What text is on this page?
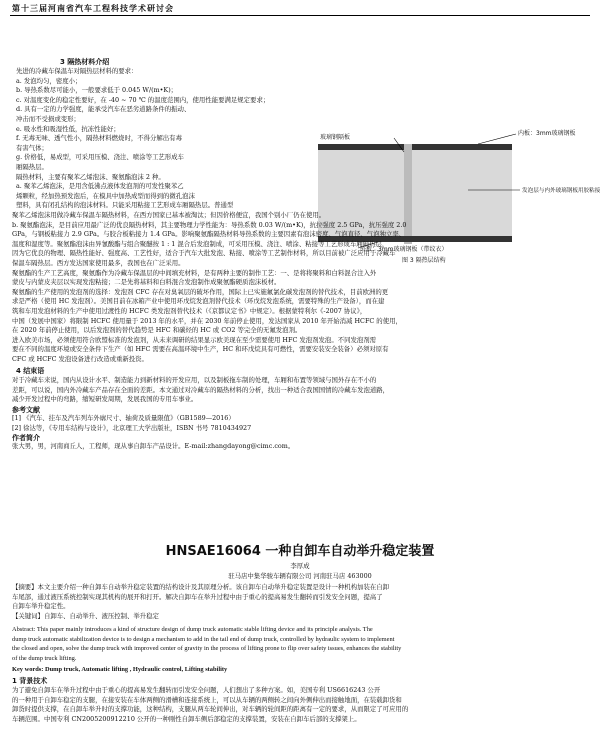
第十三届河南省汽车工程科技学术研讨会
3 隔热材料介绍
先进的冷藏车保温车对隔热层材料的要求：
a. 发泡均匀，密度小；
b. 导热系数尽可能小，一般要求低于 0.045 W/(m•K)；
c. 对温度变化的稳定性要好，在 -40 ~ 70 ℃ 的温度范围内，使用性能要满足规定要求；
d. 具有一定的力学强度，能承受汽车在恶劣道路条件的振动、
冲击而不受损或变形；
e. 吸水性和吸湿性低，抗冻性能好；
f. 无毒无味、透气性小，隔热材料燃烧时，不得分解出有毒
有害气体；
g. 价格低，易成型，可采用压模、浇注、喷涂等工艺形成车
厢隔热层。
隔热材料，主要有聚苯乙烯泡沫、聚氨酯泡沫 2 种。
a. 聚苯乙烯泡沫，是用含低沸点液体发泡剂的可发性聚苯乙
烯颗粒，经加热预发泡后，在模具中加热成型而得到的微孔泡沫
塑料，具有闭孔结构的泡沫材料。只能采用粘接工艺形成车厢隔热层。普通型
内板：3mm玻璃钢板
玻璃钢隔板
发泡层与内外玻璃钢板用胶粘接
外板：3mm玻璃钢板（带纹衣）
图 3 隔热层结构
聚苯乙烯泡沫用做冷藏车保温车隔热材料，在西方国家已基本被淘汰；但因价格便宜，我国个别小厂仍在使用。
b. 聚氨酯泡沫，是目前应用最广泛的优良隔热材料，其主要物理力学性能为：导热系数 0.03 W/(m•K)，抗拉强度 2.5 GPa，抗压强度 2.0
GPa，与钢板粘接力 2.9 GPa。与胶合板粘接力 1.4 GPa。影响聚氨酯隔热材料导热系数的主要因素有泡沫密度、气泡直径、气泡独立率、
温度和湿度等。聚氨酯泡沫由异氰酸酯与组合聚醚按 1 : 1 混合后发泡制成，可采用压模、浇注、喷涂、粘接等工艺形成车厢隔热层，
因为它优良的物理、隔热性能好、强度高、工艺性好，适合于汽车大批发泡、粘接、喷涂等工艺制作材料，所以目前被广泛应用于冷藏车
保温车隔热层。西方发达国家使用最多，我国也在广泛采用。
聚氨酯的生产工艺高度，聚氨酯作为冷藏车保温层的中间填充材料，是有两种主要的制作工艺：一、是将将聚料和白料混合注入外
蒙皮与内蒙皮夹层以实现发泡粘接；二是先将基料和白料混合发泡制作成聚氨酯硬质泡沫板材。
聚氨酯的生产使用的发泡剂的选择：发泡剂 CFC 存在对臭氧层的破坏作用，国际上已实施氟氯化碳发泡剂的替代技术，目前欧洲的更
求是严格（使用 HC 发泡剂）。美国目前在冰箱产业中使用环戊烷发泡剂替代技术（环戊烷发泡系统，需要特殊的生产设备），而在建
筑和车用发泡材料的生产中使用过渡性的 HCFC 类发泡剂替代技术（《京都议定书》中规定）。根据蒙特利尔《-2007 协议》，
中国（发展中国家）将限制 HCFC 使用量于 2013 年的水平，并在 2030 年前停止使用，发达国家从 2010 年开始消减 HCFC 的使用，
在 2020 年前停止使用，以后发泡剂的替代趋势是 HFC 和碳烃的 HC 或 CO2 等完全的无氟发泡剂。
进入欧美市场，必须使用符合欧盟标准的发泡剂，从未来调研的结果显示欧美现在至少需要使用 HFC 发泡剂发泡。不同发泡剂需
要在不同的温度环境或安全条件下生产（如 HFC 需要在高温环境中生产，HC 和环戊烷具有可燃性，需要安装安全装备）必须对原有
CFC 或 HCFC 发泡设备进行改造或重新投资。
4 结束语
对于冷藏车来说，国内从设计水平、制造能力到新材料的开发应用，以及制板拖车制的处理，车厢和布置等领域与国外存在不小的
差距，可以说，国内外冷藏车产品存在全面的差距。本文通过对冷藏车的隔热材料的分析，找出一种适合我国国情的冷藏车发泡道路，
减少开发过程中的弯路，缩短研发周期，发展我国的专用车事业。
参考文献
[1] 《汽车、挂车及汽车列车外廓尺寸、轴荷及质量限值》（GB1589—2016）
[2] 徐达等，《专用车结构与设计》，北京理工大学出版社，ISBN 书号 7810434927
作者简介
张大男，男，河南商丘人，工程师，现从事自卸车产品设计。E-mail:zhangdayong@cimc.com。
HNSAE16064 一种自卸车自动举升稳定装置
李厚成
驻马店中集华骏车辆有限公司 河南驻马店 463000
【摘要】本文主要介绍一种自卸车自动举升稳定装置的结构设计及其原理分析。该自卸车自动举升稳定装置是设计一种机构加装在自卸
车尾部，通过液压系统控制实现其机构的展开和打开。解决自卸车在举升过程中由于重心的提高易发生翻转而引发安全问题，提高了
自卸车举升稳定性。
【关键词】自卸车、自动举升、液压控制、举升稳定
Abstract: This paper mainly introduces a kind of structure design of dump truck automatic stable lifting device and its principle analysis. The
dump truck automatic stabilization device is to design a mechanism to add in the tail end of dump truck, controlled by hydraulic system to implement
the closed and open, solve the dump truck with improved center of gravity in the process of lifting prone to flip over safety issues, enhances the stability
of the dump truck lifting.
Key words: Dump truck, Automatic lifting , Hydraulic control, Lifting stability
1 背景技术
为了避免自卸车在举升过程中由于重心的提高易发生翻转而引发安全问题，人们想出了多种方案。如，美国专利 US6616243 公开
的一种用于自卸车稳定的支腿，在接安装在车体两侧的滑槽和连接系统上，可以从车辆的两侧转之间向外侧伸出而接触地面，在装载卸货和
卸货时提供支撑，在自卸车举升时的支撑功能，这种结构，支腿从两车轮间伸出，对车辆的轮间距的距离有一定的要求，从而限定了可应用的
车辆范围。中国专利 CN2005200912210 公开的一种刚性自卸车侧后部稳定的支撑装置，安装在自卸车后部的支撑架上。
